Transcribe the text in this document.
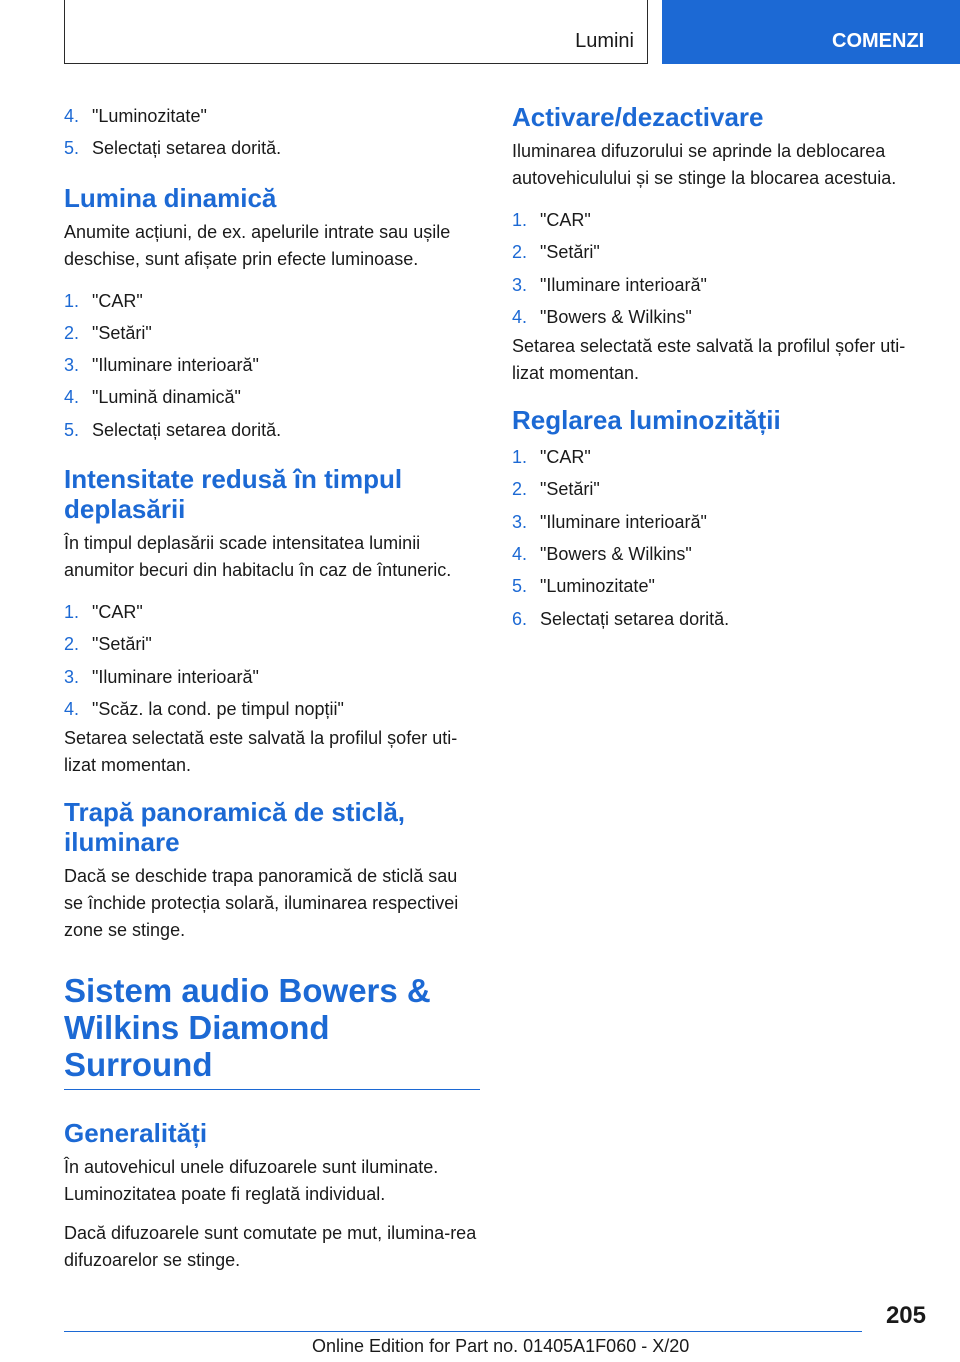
Lumini	COMENZI
4. "Luminozitate"
5. Selectați setarea dorită.
Lumina dinamică

Anumite acțiuni, de ex. apelurile intrate sau ușile deschise, sunt afișate prin efecte luminoase.

1. "CAR"
2. "Setări"
3. "Iluminare interioară"
4. "Lumină dinamică"
5. Selectați setarea dorită.
Intensitate redusă în timpul deplasării

În timpul deplasării scade intensitatea luminii anumitor becuri din habitaclu în caz de întuneric.

1. "CAR"
2. "Setări"
3. "Iluminare interioară"
4. "Scăz. la cond. pe timpul nopții"

Setarea selectată este salvată la profilul șofer uti-lizat momentan.

Trapă panoramică de sticlă, iluminare

Dacă se deschide trapa panoramică de sticlă sau se închide protecția solară, iluminarea respectivei zone se stinge.

Sistem audio Bowers & Wilkins Diamond Surround
Generalități

În autovehicul unele difuzoarele sunt iluminate. Luminozitatea poate fi reglată individual.

Dacă difuzoarele sunt comutate pe mut, ilumina-rea difuzoarelor se stinge.

Activare/dezactivare

Iluminarea difuzorului se aprinde la deblocarea autovehiculului și se stinge la blocarea acestuia.

1. "CAR"
2. "Setări"
3. "Iluminare interioară"
4. "Bowers & Wilkins"

Setarea selectată este salvată la profilul șofer uti-lizat momentan.

Reglarea luminozității
1. "CAR"
2. "Setări"
3. "Iluminare interioară"
4. "Bowers & Wilkins"
5. "Luminozitate"
6. Selectați setarea dorită.
205
Online Edition for Part no. 01405A1F060 - X/20
